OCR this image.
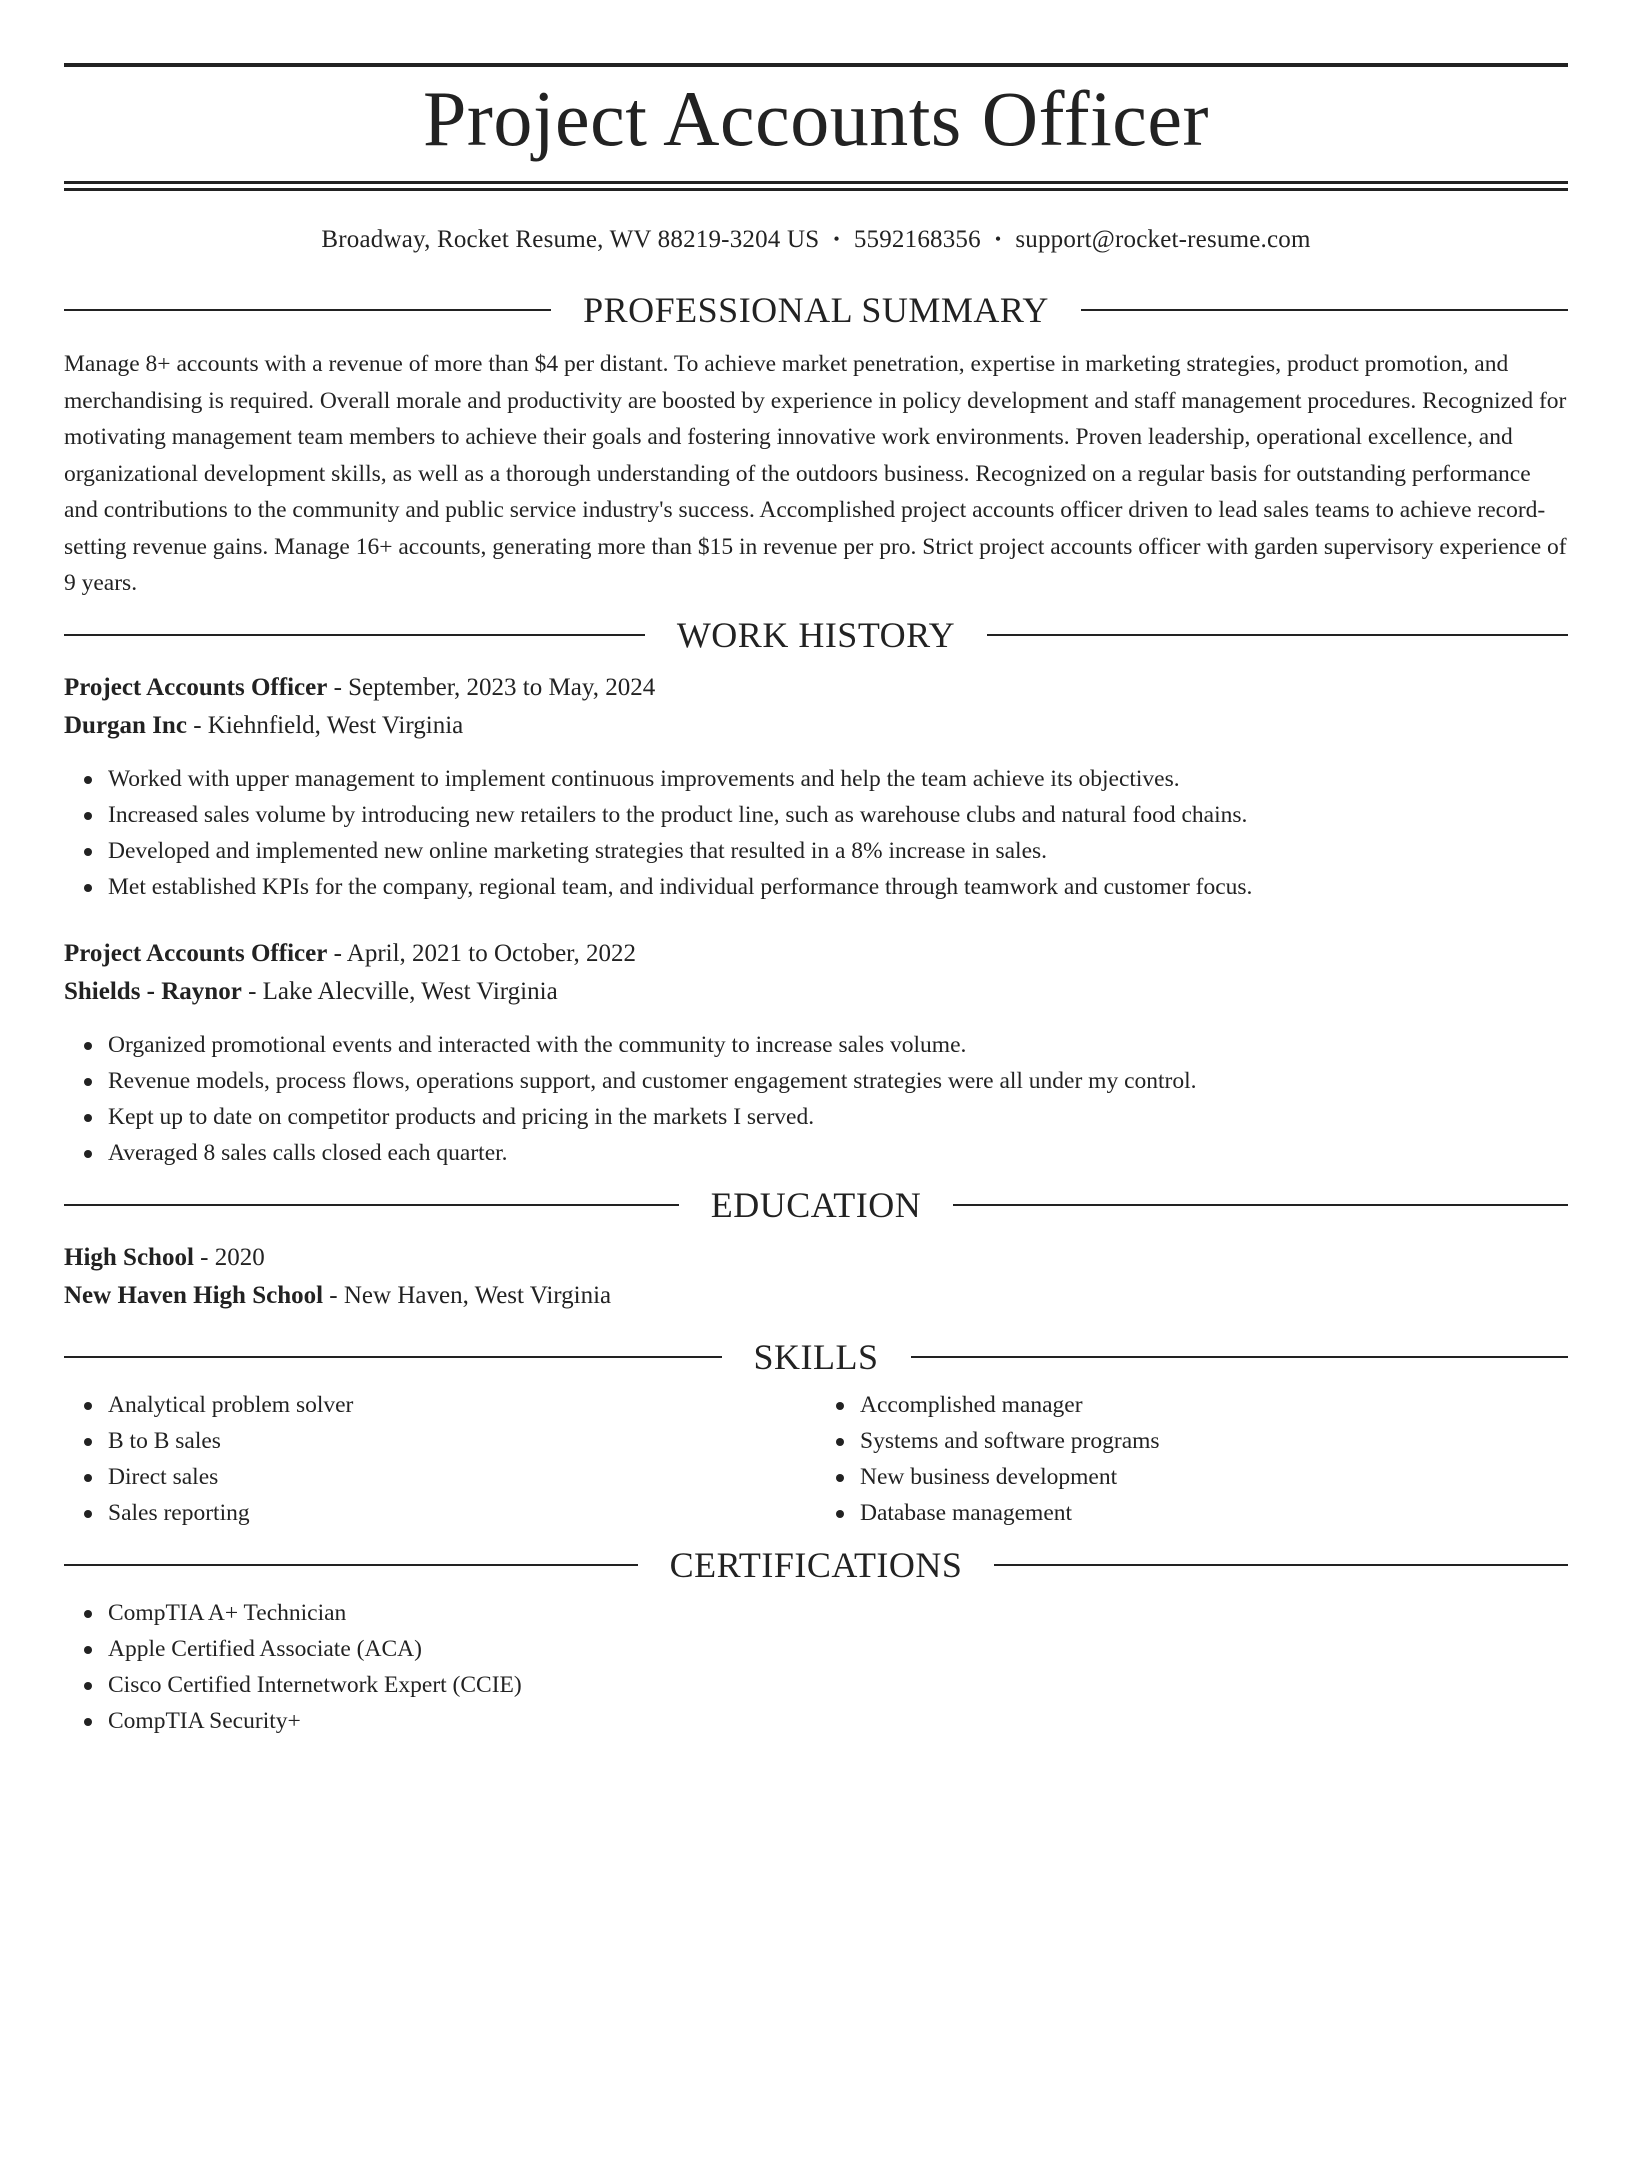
Project Accounts Officer
Broadway, Rocket Resume, WV 88219-3204 US • 5592168356 • support@rocket-resume.com
PROFESSIONAL SUMMARY

Manage 8+ accounts with a revenue of more than $4 per distant. To achieve market penetration, expertise in marketing strategies, product promotion, and merchandising is required. Overall morale and productivity are boosted by experience in policy development and staff management procedures. Recognized for motivating management team members to achieve their goals and fostering innovative work environments. Proven leadership, operational excellence, and organizational development skills, as well as a thorough understanding of the outdoors business. Recognized on a regular basis for outstanding performance and contributions to the community and public service industry's success. Accomplished project accounts officer driven to lead sales teams to achieve record-setting revenue gains. Manage 16+ accounts, generating more than $15 in revenue per pro. Strict project accounts officer with garden supervisory experience of 9 years.

WORK HISTORY

Project Accounts Officer - September, 2023 to May, 2024

Durgan Inc - Kiehnfield, West Virginia

Worked with upper management to implement continuous improvements and help the team achieve its objectives.
Increased sales volume by introducing new retailers to the product line, such as warehouse clubs and natural food chains.
Developed and implemented new online marketing strategies that resulted in a 8% increase in sales.
Met established KPIs for the company, regional team, and individual performance through teamwork and customer focus.

Project Accounts Officer - April, 2021 to October, 2022

Shields - Raynor - Lake Alecville, West Virginia

Organized promotional events and interacted with the community to increase sales volume.
Revenue models, process flows, operations support, and customer engagement strategies were all under my control.
Kept up to date on competitor products and pricing in the markets I served.
Averaged 8 sales calls closed each quarter.
EDUCATION

High School - 2020

New Haven High School - New Haven, West Virginia

SKILLS
Analytical problem solver
B to B sales
Direct sales
Sales reporting
Accomplished manager
Systems and software programs
New business development
Database management
CERTIFICATIONS
CompTIA A+ Technician
Apple Certified Associate (ACA)
Cisco Certified Internetwork Expert (CCIE)
CompTIA Security+
